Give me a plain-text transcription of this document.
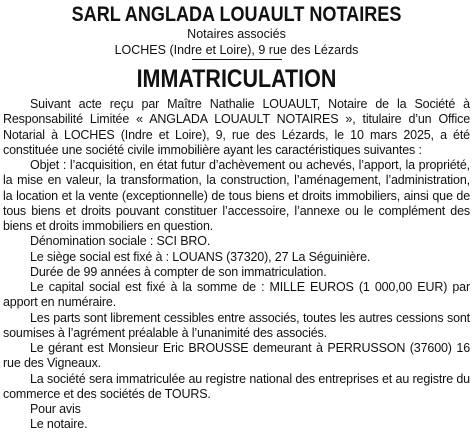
SARL ANGLADA LOUAULT NOTAIRES
Notaires associés
LOCHES (Indre et Loire), 9 rue des Lézards
IMMATRICULATION

Suivant acte reçu par Maître Nathalie LOUAULT, Notaire de la Société à Responsabilité Limitée « ANGLADA LOUAULT NOTAIRES », titulaire d’un Office Notarial à LOCHES (Indre et Loire), 9, rue des Lézards, le 10 mars 2025, a été constituée une société civile immobilière ayant les caractéristiques suivantes :

Objet : l’acquisition, en état futur d’achèvement ou achevés, l’apport, la propriété, la mise en valeur, la transformation, la construction, l’aménagement, l’administration, la location et la vente (exceptionnelle) de tous biens et droits immobiliers, ainsi que de tous biens et droits pouvant constituer l’accessoire, l’annexe ou le complément des biens et droits immobiliers en question.

Dénomination sociale : SCI BRO.

Le siège social est fixé à : LOUANS (37320), 27 La Séguinière.

Durée de 99 années à compter de son immatriculation.

Le capital social est fixé à la somme de : MILLE EUROS (1 000,00 EUR) par apport en numéraire.

Les parts sont librement cessibles entre associés, toutes les autres cessions sont soumises à l’agrément préalable à l’unanimité des associés.

Le gérant est Monsieur Eric BROUSSE demeurant à PERRUSSON (37600) 16 rue des Vigneaux.

La société sera immatriculée au registre national des entreprises et au registre du commerce et des sociétés de TOURS.

Pour avis

Le notaire.
